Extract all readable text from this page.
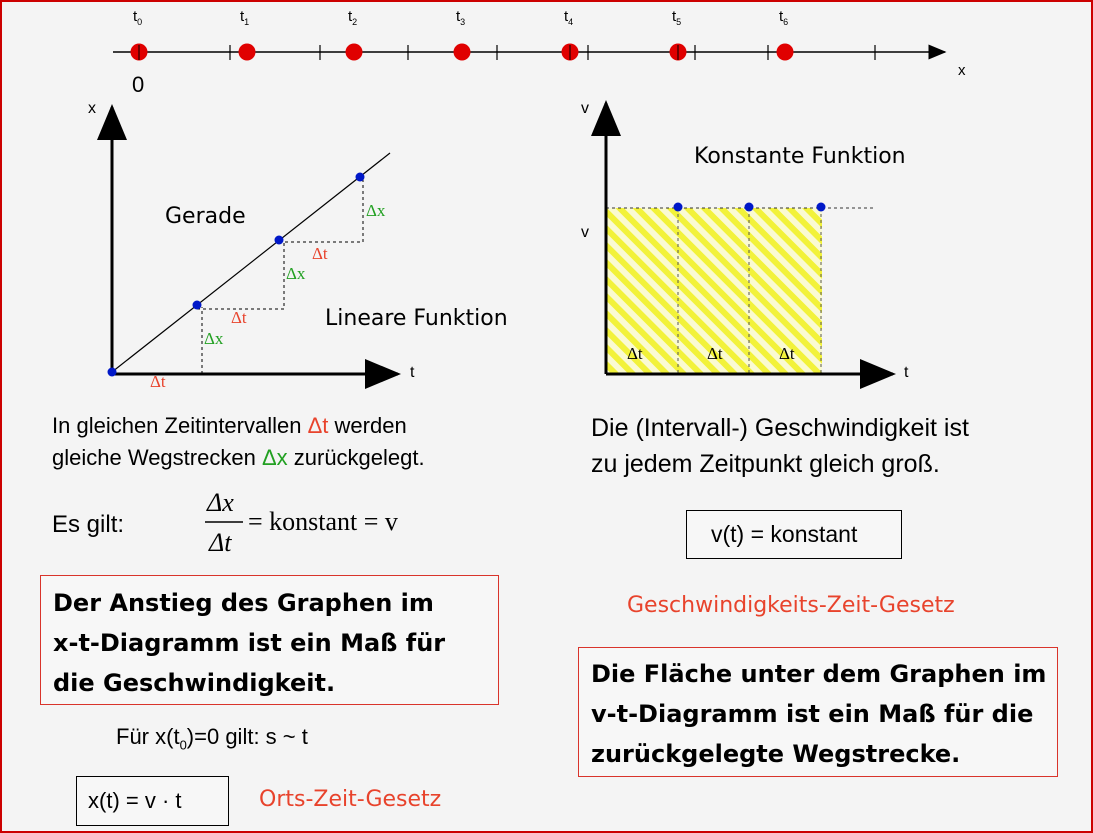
$t_0$	$t_1$	$t_2$	$t_3$	$t_4$	$t_5$	$t_6$
0
x
x
t
Gerade
Lineare Funktion
Δt
Δt
Δt
Δx
Δx
Δx
v
v
t
Konstante Funktion
Δt	Δt	Δt
In gleichen Zeitintervallen Δt werden
gleiche Wegstrecken Δx zurückgelegt.
Es gilt:
Δx
Δt
= konstant = v
Der Anstieg des Graphen im
x-t-Diagramm ist ein Maß für
die Geschwindigkeit.
Für $x(t_0)=0$ gilt: s ~ t
x(t) = v · t	Orts-Zeit-Gesetz
Die (Intervall-) Geschwindigkeit ist
zu jedem Zeitpunkt gleich groß.
v(t) = konstant
Geschwindigkeits-Zeit-Gesetz
Die Fläche unter dem Graphen im
v-t-Diagramm ist ein Maß für die
zurückgelegte Wegstrecke.
